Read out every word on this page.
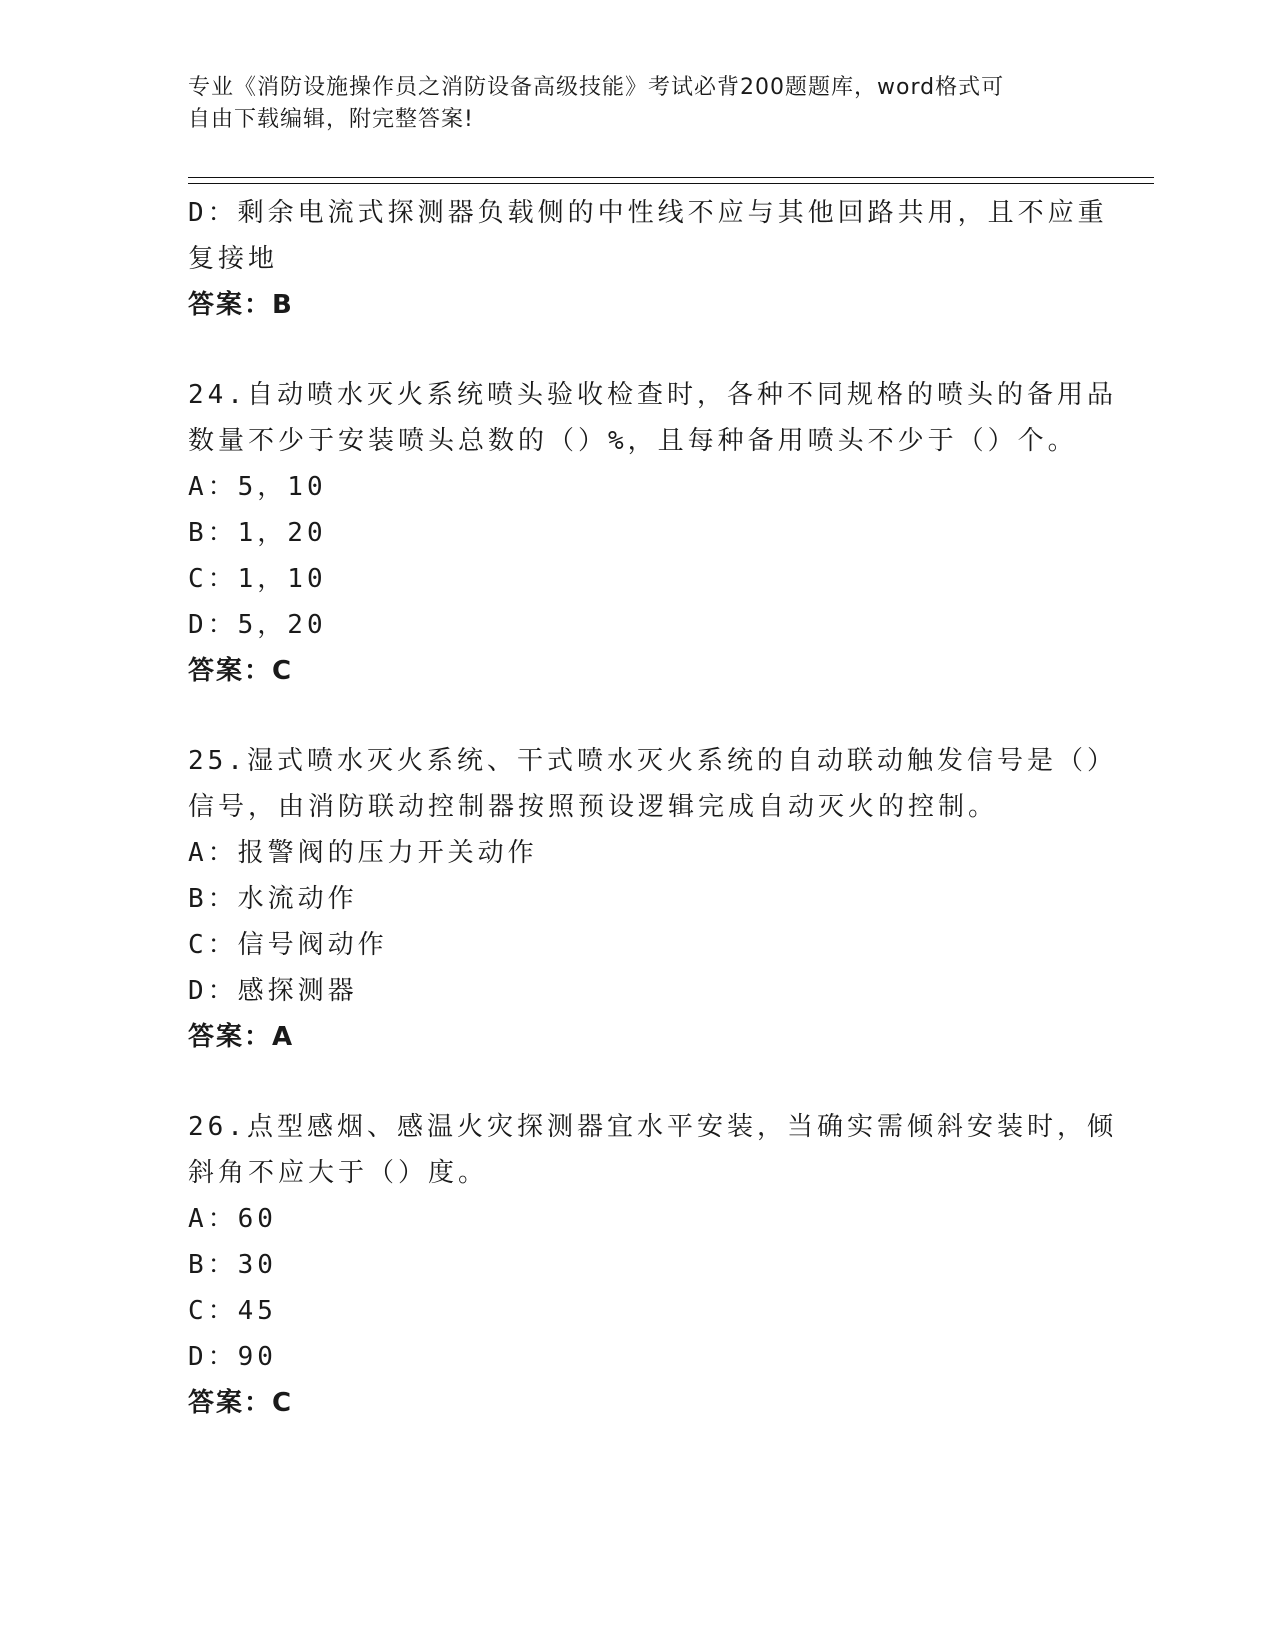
专业《消防设施操作员之消防设备高级技能》考试必背200题题库，word格式可
自由下载编辑，附完整答案!
D：剩余电流式探测器负载侧的中性线不应与其他回路共用，且不应重
复接地
答案：B
24.自动喷水灭火系统喷头验收检查时，各种不同规格的喷头的备用品
数量不少于安装喷头总数的（）%，且每种备用喷头不少于（）个。
A：5，10
B：1，20
C：1，10
D：5，20
答案：C
25.湿式喷水灭火系统、干式喷水灭火系统的自动联动触发信号是（）
信号，由消防联动控制器按照预设逻辑完成自动灭火的控制。
A：报警阀的压力开关动作
B：水流动作
C：信号阀动作
D：感探测器
答案：A
26.点型感烟、感温火灾探测器宜水平安装，当确实需倾斜安装时，倾
斜角不应大于（）度。
A：60
B：30
C：45
D：90
答案：C
